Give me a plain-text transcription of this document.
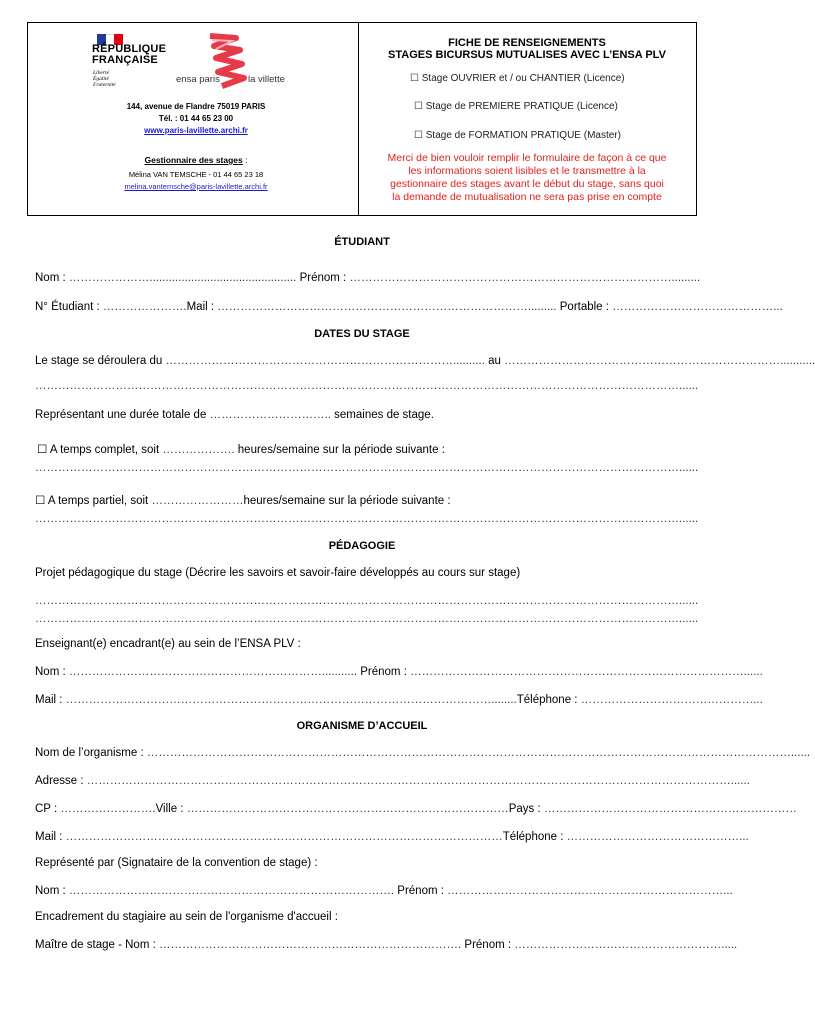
RÉPUBLIQUE
FRANÇAISE
Liberté
Égalité
Fraternité	ensa paris	la villette
144, avenue de Flandre 75019 PARIS
Tél. : 01 44 65 23 00
www.paris-lavillette.archi.fr
Gestionnaire des stages :
Mélina VAN TEMSCHE - 01 44 65 23 18
melina.vantemsche@paris-lavillette.archi.fr
FICHE DE RENSEIGNEMENTS
STAGES BICURSUS MUTUALISES AVEC L’ENSA PLV
☐ Stage OUVRIER et / ou CHANTIER (Licence)
☐ Stage de PREMIERE PRATIQUE (Licence)
☐ Stage de FORMATION PRATIQUE (Master)
Merci de bien vouloir remplir le formulaire de façon à ce que
les informations soient lisibles et le transmettre à la
gestionnaire des stages avant le début du stage, sans quoi
la demande de mutualisation ne sera pas prise en compte
ÉTUDIANT
Nom : ………………….............................................. Prénom : ………………………………………………………………………….........
N° Étudiant : ………………….Mail : ………………………………………………………………………......... Portable : ……………………………………...
DATES DU STAGE
Le stage se déroulera du ………………………………………………………………….......... au ………………………………………………………………...........
……………………………………………………………………………………………………………………………………………………......
Représentant une durée totale de ………………………….. semaines de stage.
☐ A temps complet, soit ………………. heures/semaine sur la période suivante :
……………………………………………………………………………………………………………………………………………………......
☐ A temps partiel, soit ……………………heures/semaine sur la période suivante :
……………………………………………………………………………………………………………………………………………………......
PÉDAGOGIE
Projet pédagogique du stage (Décrire les savoirs et savoir-faire développés au cours sur stage)
……………………………………………………………………………………………………………………………………………………......
……………………………………………………………………………………………………………………………………………………......
Enseignant(e) encadrant(e) au sein de l’ENSA PLV :
Nom : …………………………………………………………........... Prénom : ……………………………………………………………………………......
Mail : …………………………………………………………………………………………………........Téléphone : ………………………………………...
ORGANISME D’ACCUEIL
Nom de l’organisme : ……………………………………………………………………………………………………………………………………………………......
Adresse : ……………………………………………………………………………………………………………………………………………………......
CP : …………………….Ville : …………………………………………………………………………Pays : …………………………………………………………
Mail : ……………………………………………………………………………………………………Téléphone : ………………………………………...
Représenté par (Signataire de la convention de stage) :
Nom : …………………………………………………………………………. Prénom : ………………………………………………………………...
Encadrement du stagiaire au sein de l'organisme d'accueil :
Maître de stage - Nom : ……………………………………………………………………. Prénom : ……………………………………………….....
